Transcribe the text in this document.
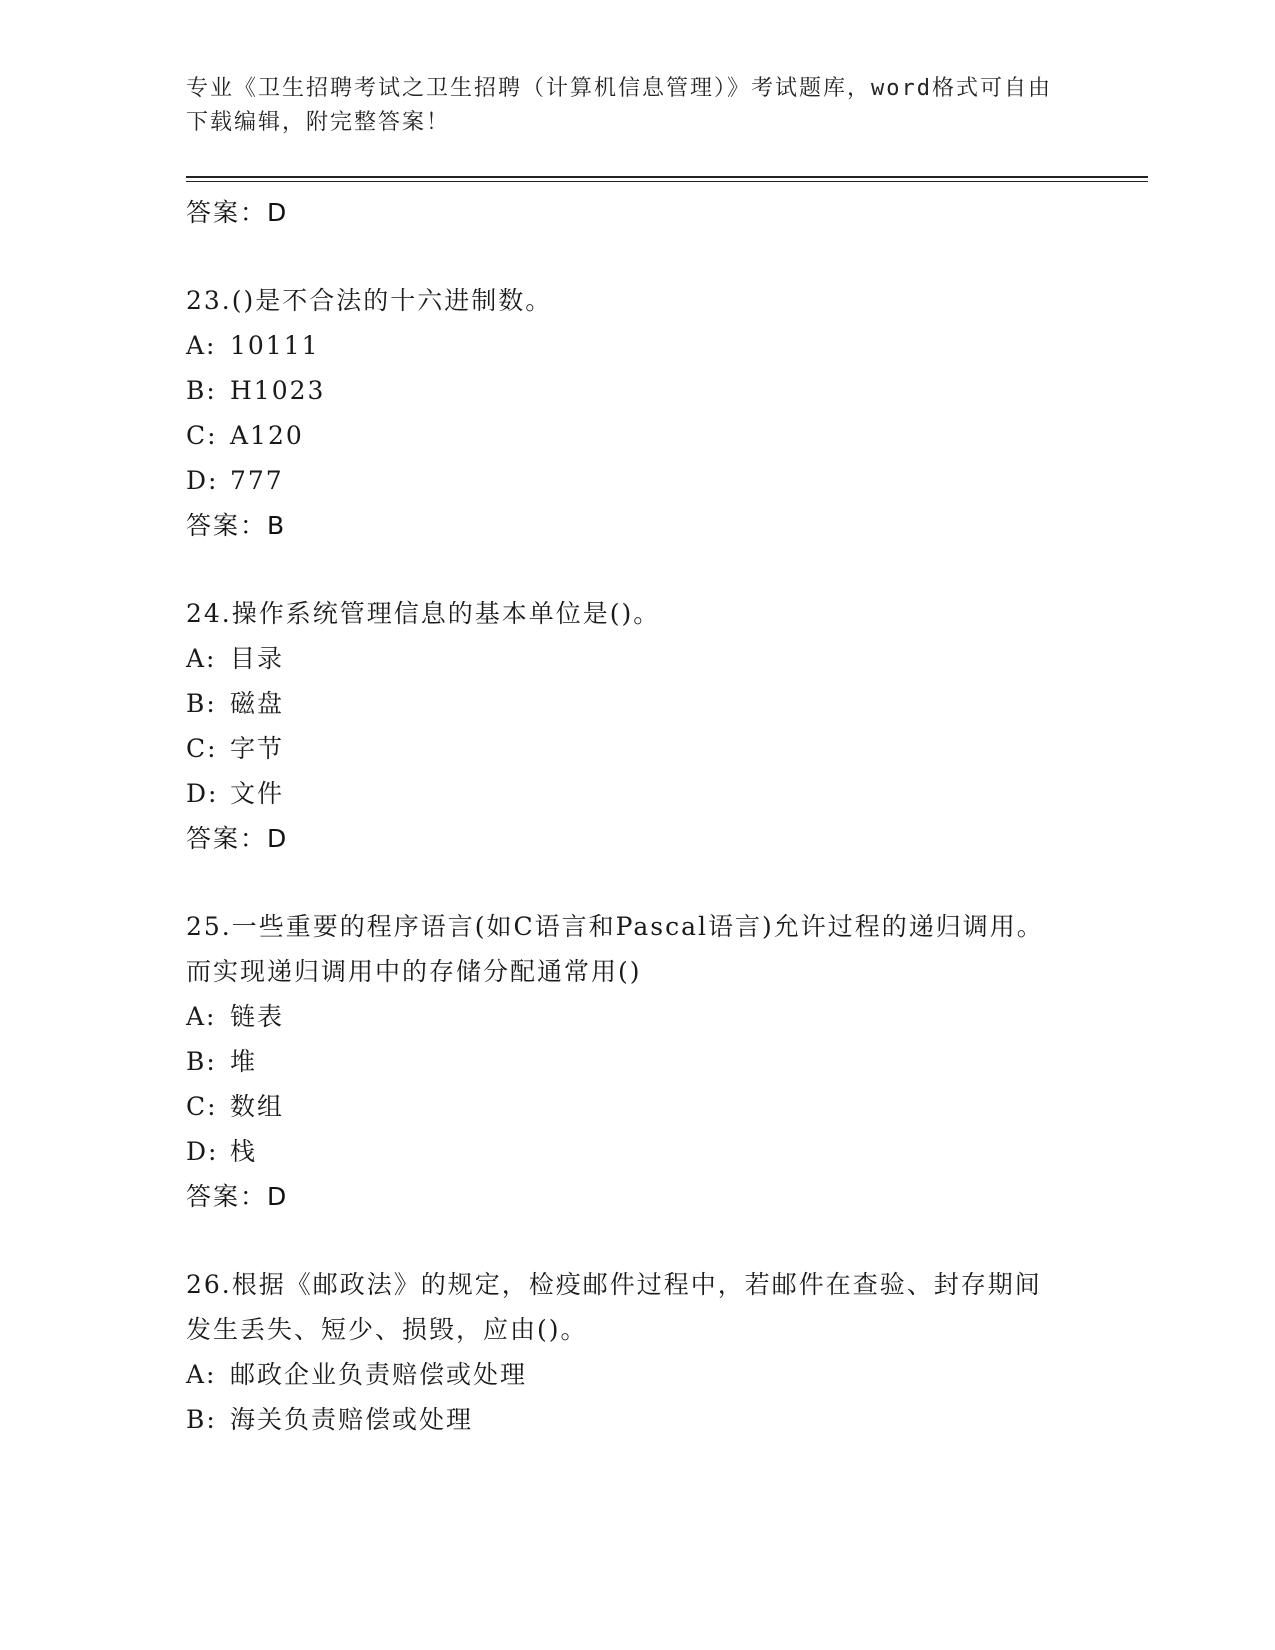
专业《卫生招聘考试之卫生招聘（计算机信息管理）》考试题库，word格式可自由下载编辑，附完整答案！
答案：D
23.()是不合法的十六进制数。
A: 10111
B: H1023
C: A120
D: 777
答案：B
24.操作系统管理信息的基本单位是()。
A: 目录
B: 磁盘
C: 字节
D: 文件
答案：D
25.一些重要的程序语言(如C语言和Pascal语言)允许过程的递归调用。而实现递归调用中的存储分配通常用()
A: 链表
B: 堆
C: 数组
D: 栈
答案：D
26.根据《邮政法》的规定，检疫邮件过程中，若邮件在查验、封存期间发生丢失、短少、损毁，应由()。
A: 邮政企业负责赔偿或处理
B: 海关负责赔偿或处理
